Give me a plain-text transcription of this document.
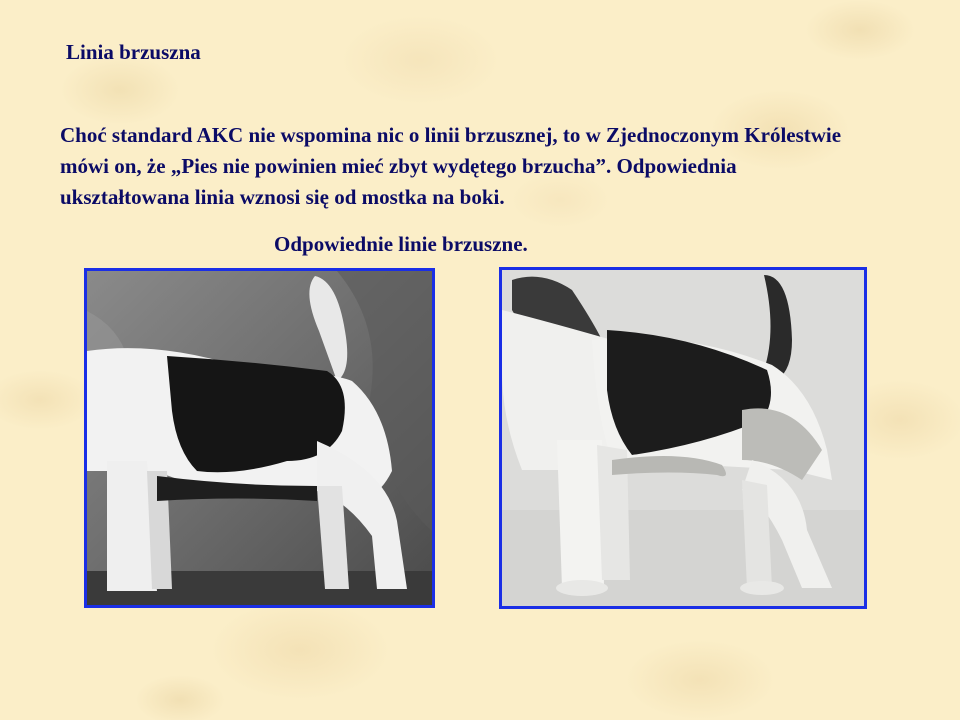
Linia brzuszna
Choć standard AKC nie wspomina nic o linii brzusznej, to w Zjednoczonym Królestwie mówi on, że „Pies nie powinien mieć zbyt wydętego brzucha”. Odpowiednia ukształtowana linia wznosi się od mostka na boki.
Odpowiednie linie brzuszne.
